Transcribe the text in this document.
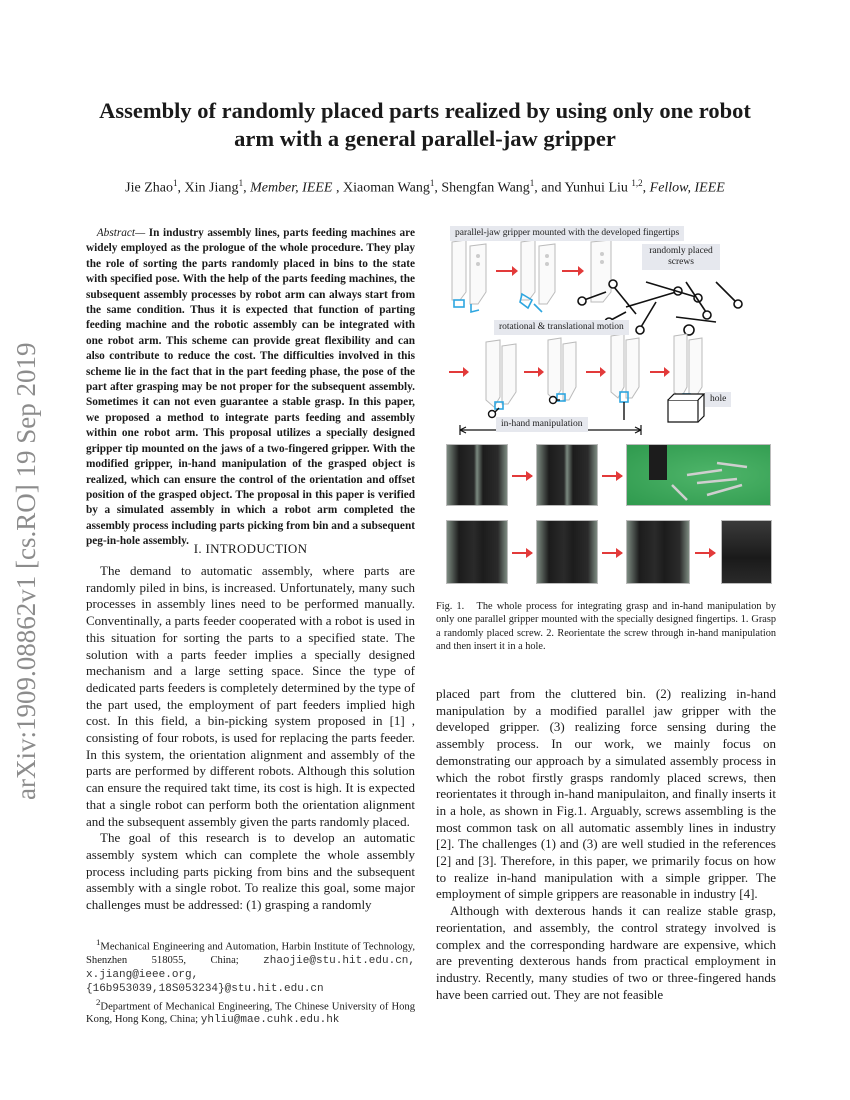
Assembly of randomly placed parts realized by using only one robot
arm with a general parallel-jaw gripper
Jie Zhao$^1$, Xin Jiang$^1$, Member, IEEE , Xiaoman Wang$^1$, Shengfan Wang$^1$, and Yunhui Liu $^{1,2}$, Fellow, IEEE
arXiv:1909.08862v1 [cs.RO] 19 Sep 2019
Abstract— In industry assembly lines, parts feeding machines are widely employed as the prologue of the whole procedure. They play the role of sorting the parts randomly placed in bins to the state with specified pose. With the help of the parts feeding machines, the subsequent assembly processes by robot arm can always start from the same condition. Thus it is expected that function of parting feeding machine and the robotic assembly can be integrated with one robot arm. This scheme can provide great flexibility and can also contribute to reduce the cost. The difficulties involved in this scheme lie in the fact that in the part feeding phase, the pose of the part after grasping may be not proper for the subsequent assembly. Sometimes it can not even guarantee a stable grasp. In this paper, we proposed a method to integrate parts feeding and assembly within one robot arm. This proposal utilizes a specially designed gripper tip mounted on the jaws of a two-fingered gripper. With the modified gripper, in-hand manipulation of the grasped object is realized, which can ensure the control of the orientation and offset position of the grasped object. The proposal in this paper is verified by a simulated assembly in which a robot arm completed the assembly process including parts picking from bin and a subsequent peg-in-hole assembly. I. INTRODUCTION

The demand to automatic assembly, where parts are randomly piled in bins, is increased. Unfortunately, many such processes in assembly lines need to be performed manually. Conventinally, a parts feeder cooperated with a robot is used in this situation for sorting the parts to a specified state. The solution with a parts feeder implies a specially designed mechanism and a large setting space. Since the type of dedicated parts feeders is completely determined by the type of the part used, the employment of part feeders implied high cost. In this field, a bin-picking system proposed in [1] , consisting of four robots, is used for replacing the parts feeder. In this system, the orientation alignment and assembly of the parts are performed by different robots. Although this solution can ensure the required takt time, its cost is high. It is expected that a single robot can perform both the orientation alignment and the subsequent assembly given the parts randomly placed.

The goal of this research is to develop an automatic assembly system which can complete the whole assembly process including parts picking from bins and the subsequent assembly with a single robot. To realize this goal, some major challenges must be addressed: (1) grasping a randomly

$^1$Mechanical Engineering and Automation, Harbin Institute of Technology, Shenzhen 518055, China; zhaojie@stu.hit.edu.cn, x.jiang@ieee.org, {16b953039,18S053234}@stu.hit.edu.cn

$^2$Department of Mechanical Engineering, The Chinese University of Hong Kong, Hong Kong, China; yhliu@mae.cuhk.edu.hk

parallel-jaw gripper mounted with the developed fingertips
randomly placed screws
rotational & translational motion
in-hand manipulation
hole
Fig. 1. The whole process for integrating grasp and in-hand manipulation by only one parallel gripper mounted with the specially designed fingertips. 1. Grasp a randomly placed screw. 2. Reorientate the screw through in-hand manipulation and then insert it in a hole.

placed part from the cluttered bin. (2) realizing in-hand manipulation by a modified parallel jaw gripper with the developed gripper. (3) realizing force sensing during the assembly process. In our work, we mainly focus on demonstrating our approach by a simulated assembly process in which the robot firstly grasps randomly placed screws, then reorientates it through in-hand manipulaiton, and finally inserts it in a hole, as shown in Fig.1. Arguably, screws assembling is the most common task on all automatic assembly lines in industry [2]. The challenges (1) and (3) are well studied in the references [2] and [3]. Therefore, in this paper, we primarily focus on how to realize in-hand manipulation with a simple gripper. The employment of simple grippers are reasonable in industry [4].

Although with dexterous hands it can realize stable grasp, reorientation, and assembly, the control strategy involved is complex and the corresponding hardware are expensive, which are preventing dexterous hands from practical employment in industry. Recently, many studies of two or three-fingered hands have been carried out. They are not feasible
